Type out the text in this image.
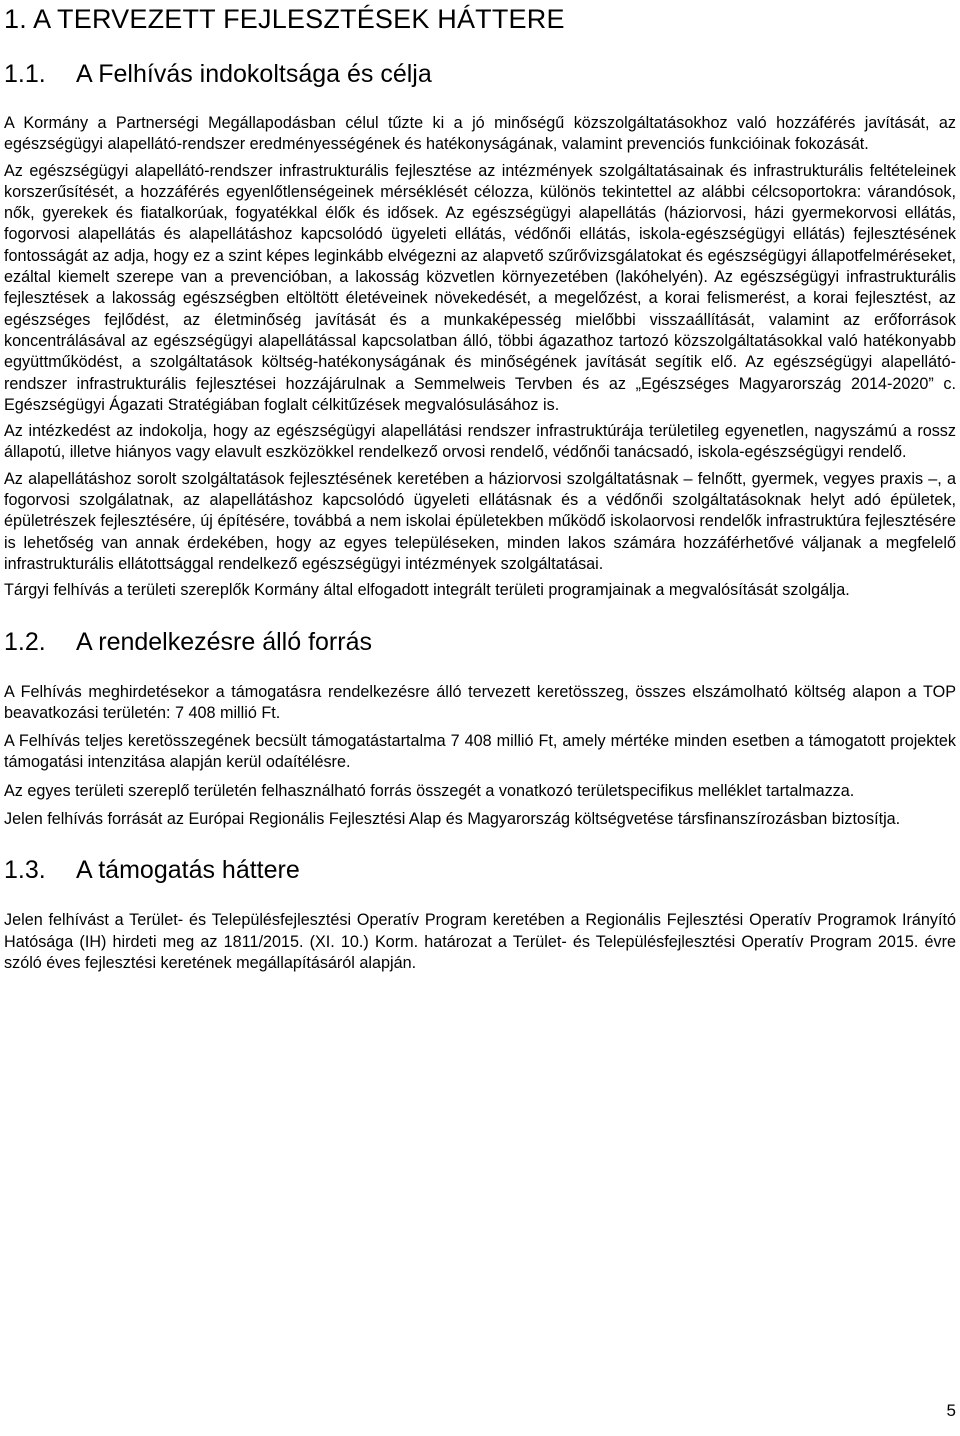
1. A TERVEZETT FEJLESZTÉSEK HÁTTERE
1.1.	A Felhívás indokoltsága és célja

A Kormány a Partnerségi Megállapodásban célul tűzte ki a jó minőségű közszolgáltatásokhoz való hozzáférés javítását, az egészségügyi alapellátó-rendszer eredményességének és hatékonyságának, valamint prevenciós funkcióinak fokozását.

Az egészségügyi alapellátó-rendszer infrastrukturális fejlesztése az intézmények szolgáltatásainak és infrastrukturális feltételeinek korszerűsítését, a hozzáférés egyenlőtlenségeinek mérséklését célozza, különös tekintettel az alábbi célcsoportokra: várandósok, nők, gyerekek és fiatalkorúak, fogyatékkal élők és idősek. Az egészségügyi alapellátás (háziorvosi, házi gyermekorvosi ellátás, fogorvosi alapellátás és alapellátáshoz kapcsolódó ügyeleti ellátás, védőnői ellátás, iskola-egészségügyi ellátás) fejlesztésének fontosságát az adja, hogy ez a szint képes leginkább elvégezni az alapvető szűrővizsgálatokat és egészségügyi állapotfelméréseket, ezáltal kiemelt szerepe van a prevencióban, a lakosság közvetlen környezetében (lakóhelyén). Az egészségügyi infrastrukturális fejlesztések a lakosság egészségben eltöltött életéveinek növekedését, a megelőzést, a korai felismerést, a korai fejlesztést, az egészséges fejlődést, az életminőség javítását és a munkaképesség mielőbbi visszaállítását, valamint az erőforrások koncentrálásával az egészségügyi alapellátással kapcsolatban álló, többi ágazathoz tartozó közszolgáltatásokkal való hatékonyabb együttműködést, a szolgáltatások költség-hatékonyságának és minőségének javítását segítik elő. Az egészségügyi alapellátó-rendszer infrastrukturális fejlesztései hozzájárulnak a Semmelweis Tervben és az „Egészséges Magyarország 2014-2020” c. Egészségügyi Ágazati Stratégiában foglalt célkitűzések megvalósulásához is.

Az intézkedést az indokolja, hogy az egészségügyi alapellátási rendszer infrastruktúrája területileg egyenetlen, nagyszámú a rossz állapotú, illetve hiányos vagy elavult eszközökkel rendelkező orvosi rendelő, védőnői tanácsadó, iskola-egészségügyi rendelő.

Az alapellátáshoz sorolt szolgáltatások fejlesztésének keretében a háziorvosi szolgáltatásnak – felnőtt, gyermek, vegyes praxis –, a fogorvosi szolgálatnak, az alapellátáshoz kapcsolódó ügyeleti ellátásnak és a védőnői szolgáltatásoknak helyt adó épületek, épületrészek fejlesztésére, új építésére, továbbá a nem iskolai épületekben működő iskolaorvosi rendelők infrastruktúra fejlesztésére is lehetőség van annak érdekében, hogy az egyes településeken, minden lakos számára hozzáférhetővé váljanak a megfelelő infrastrukturális ellátottsággal rendelkező egészségügyi intézmények szolgáltatásai.

Tárgyi felhívás a területi szereplők Kormány által elfogadott integrált területi programjainak a megvalósítását szolgálja.

1.2.	A rendelkezésre álló forrás

A Felhívás meghirdetésekor a támogatásra rendelkezésre álló tervezett keretösszeg, összes elszámolható költség alapon a TOP beavatkozási területén: 7 408 millió Ft.

A Felhívás teljes keretösszegének becsült támogatástartalma 7 408 millió Ft, amely mértéke minden esetben a támogatott projektek támogatási intenzitása alapján kerül odaítélésre.

Az egyes területi szereplő területén felhasználható forrás összegét a vonatkozó területspecifikus melléklet tartalmazza.

Jelen felhívás forrását az Európai Regionális Fejlesztési Alap és Magyarország költségvetése társfinanszírozásban biztosítja.

1.3.	A támogatás háttere

Jelen felhívást a Terület- és Településfejlesztési Operatív Program keretében a Regionális Fejlesztési Operatív Programok Irányító Hatósága (IH) hirdeti meg az 1811/2015. (XI. 10.) Korm. határozat a Terület- és Településfejlesztési Operatív Program 2015. évre szóló éves fejlesztési keretének megállapításáról alapján.

5
